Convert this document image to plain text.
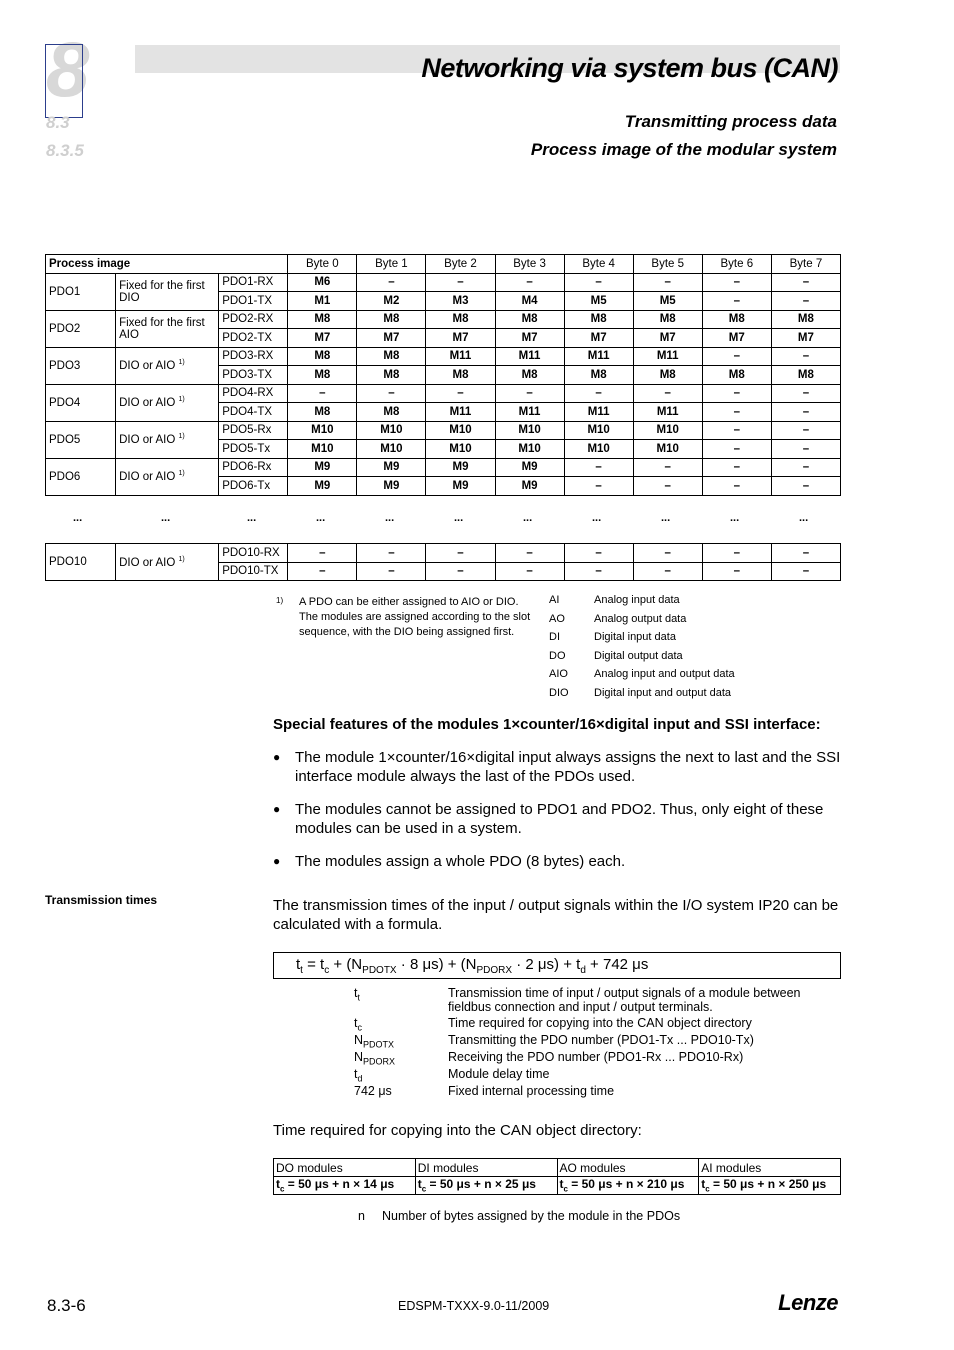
8	Networking via system bus (CAN)
8.3	Transmitting process data
8.3.5	Process image of the modular system
Process image			Byte 0	Byte 1	Byte 2	Byte 3	Byte 4	Byte 5	Byte 6	Byte 7
PDO1	Fixed for the first DIO	PDO1-RX	M6	–	–	–	–	–	–	–
		PDO1-TX	M1	M2	M3	M4	M5	M5	–	–
PDO2	Fixed for the first AIO	PDO2-RX	M8	M8	M8	M8	M8	M8	M8	M8
		PDO2-TX	M7	M7	M7	M7	M7	M7	M7	M7
PDO3	DIO or AIO $^{1)}$	PDO3-RX	M8	M8	M11	M11	M11	M11	–	–
		PDO3-TX	M8	M8	M8	M8	M8	M8	M8	M8
PDO4	DIO or AIO $^{1)}$	PDO4-RX	–	–	–	–	–	–	–	–
		PDO4-TX	M8	M8	M11	M11	M11	M11	–	–
PDO5	DIO or AIO $^{1)}$	PDO5-Rx	M10	M10	M10	M10	M10	M10	–	–
		PDO5-Tx	M10	M10	M10	M10	M10	M10	–	–
PDO6	DIO or AIO $^{1)}$	PDO6-Rx	M9	M9	M9	M9	–	–	–	–
		PDO6-Tx	M9	M9	M9	M9	–	–	–	–
...	...	...	...	...	...	...	...	...	...	...
PDO10	DIO or AIO $^{1)}$	PDO10-RX	–	–	–	–	–	–	–	–
		PDO10-TX	–	–	–	–	–	–	–	–
1) A PDO can be either assigned to AIO or DIO. The modules are assigned according to the slot sequence, with the DIO being assigned first.
AI	Analog input data
AO	Analog output data
DI	Digital input data
DO	Digital output data
AIO	Analog input and output data
DIO	Digital input and output data
Special features of the modules 1×counter/16×digital input and SSI interface:
● The module 1×counter/16×digital input always assigns the next to last and the SSI interface module always the last of the PDOs used.
● The modules cannot be assigned to PDO1 and PDO2. Thus, only eight of these modules can be used in a system.
● The modules assign a whole PDO (8 bytes) each.
Transmission times	The transmission times of the input / output signals within the I/O system IP20 can be calculated with a formula.
$t_t = t_c + (N_{PDOTX} \cdot 8$ $\mu s) + (N_{PDORX} \cdot 2$ $\mu s) + t_d + 742$ μs
$t_t$	Transmission time of input / output signals of a module between fieldbus connection and input / output terminals.
$t_c$	Time required for copying into the CAN object directory
$N_{PDOTX}$	Transmitting the PDO number (PDO1-Tx ... PDO10-Tx)
$N_{PDORX}$	Receiving the PDO number (PDO1-Rx ... PDO10-Rx)
$t_d$	Module delay time
742 μs	Fixed internal processing time
Time required for copying into the CAN object directory:
DO modules	DI modules	AO modules	AI modules
$t_c = 50$ μs + n × 14 μs	$t_c = 50$ μs + n × 25 μs	$t_c = 50$ μs + n × 210 μs	$t_c = 50$ μs + n × 250 μs
n Number of bytes assigned by the module in the PDOs
8.3-6	EDSPM-TXXX-9.0-11/2009	Lenze
